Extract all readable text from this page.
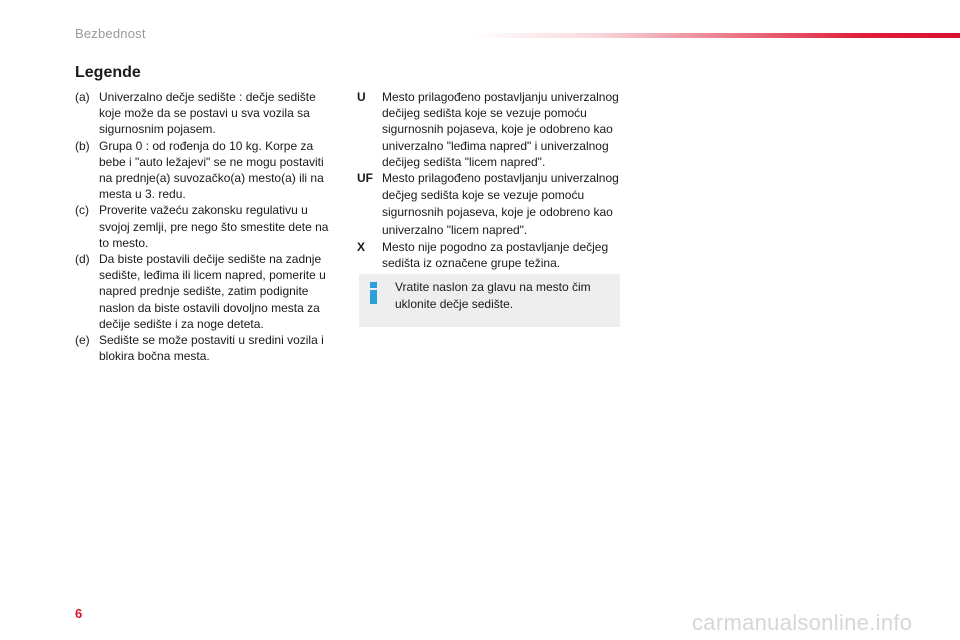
Bezbednost
Legende
(a) Univerzalno dečje sedište : dečje sedište koje može da se postavi u sva vozila sa sigurnosnim pojasem.
(b) Grupa 0 : od rođenja do 10 kg. Korpe za bebe i "auto ležajevi" se ne mogu postaviti na prednje(a) suvozačko(a) mesto(a) ili na mesta u 3. redu.
(c) Proverite važeću zakonsku regulativu u svojoj zemlji, pre nego što smestite dete na to mesto.
(d) Da biste postavili dečije sedište na zadnje sedište, leđima ili licem napred, pomerite u napred prednje sedište, zatim podignite naslon da biste ostavili dovoljno mesta za dečije sedište i za noge deteta.
(e) Sedište se može postaviti u sredini vozila i blokira bočna mesta.
U	Mesto prilagođeno postavljanju univerzalnog dečijeg sedišta koje se vezuje pomoću sigurnosnih pojaseva, koje je odobreno kao univerzalno "leđima napred" i univerzalnog dečijeg sedišta "licem napred".
UF Mesto prilagođeno postavljanju univerzalnog dečjeg sedišta koje se vezuje pomoću sigurnosnih pojaseva, koje je odobreno kao univerzalno "licem napred".
X	Mesto nije pogodno za postavljanje dečjeg sedišta iz označene grupe težina.
Vratite naslon za glavu na mesto čim uklonite dečje sedište.
6	carmanualsonline.info
